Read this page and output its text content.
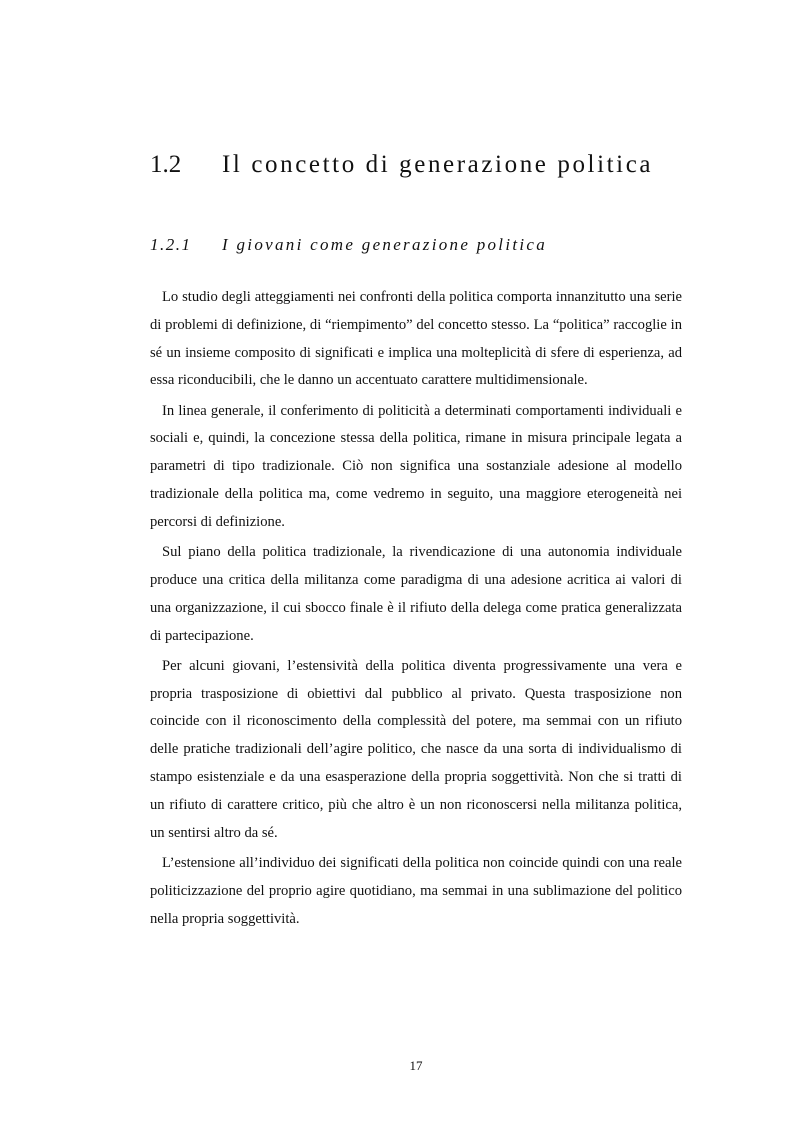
1.2 Il concetto di generazione politica
1.2.1 I giovani come generazione politica

Lo studio degli atteggiamenti nei confronti della politica comporta innanzitutto una serie di problemi di definizione, di “riempimento” del concetto stesso. La “politica” raccoglie in sé un insieme composito di significati e implica una molteplicità di sfere di esperienza, ad essa riconducibili, che le danno un accentuato carattere multidimensionale.

In linea generale, il conferimento di politicità a determinati comportamenti individuali e sociali e, quindi, la concezione stessa della politica, rimane in misura principale legata a parametri di tipo tradizionale. Ciò non significa una sostanziale adesione al modello tradizionale della politica ma, come vedremo in seguito, una maggiore eterogeneità nei percorsi di definizione.

Sul piano della politica tradizionale, la rivendicazione di una autonomia individuale produce una critica della militanza come paradigma di una adesione acritica ai valori di una organizzazione, il cui sbocco finale è il rifiuto della delega come pratica generalizzata di partecipazione.

Per alcuni giovani, l’estensività della politica diventa progressivamente una vera e propria trasposizione di obiettivi dal pubblico al privato. Questa trasposizione non coincide con il riconoscimento della complessità del potere, ma semmai con un rifiuto delle pratiche tradizionali dell’agire politico, che nasce da una sorta di individualismo di stampo esistenziale e da una esasperazione della propria soggettività. Non che si tratti di un rifiuto di carattere critico, più che altro è un non riconoscersi nella militanza politica, un sentirsi altro da sé.

L’estensione all’individuo dei significati della politica non coincide quindi con una reale politicizzazione del proprio agire quotidiano, ma semmai in una sublimazione del politico nella propria soggettività.

17
